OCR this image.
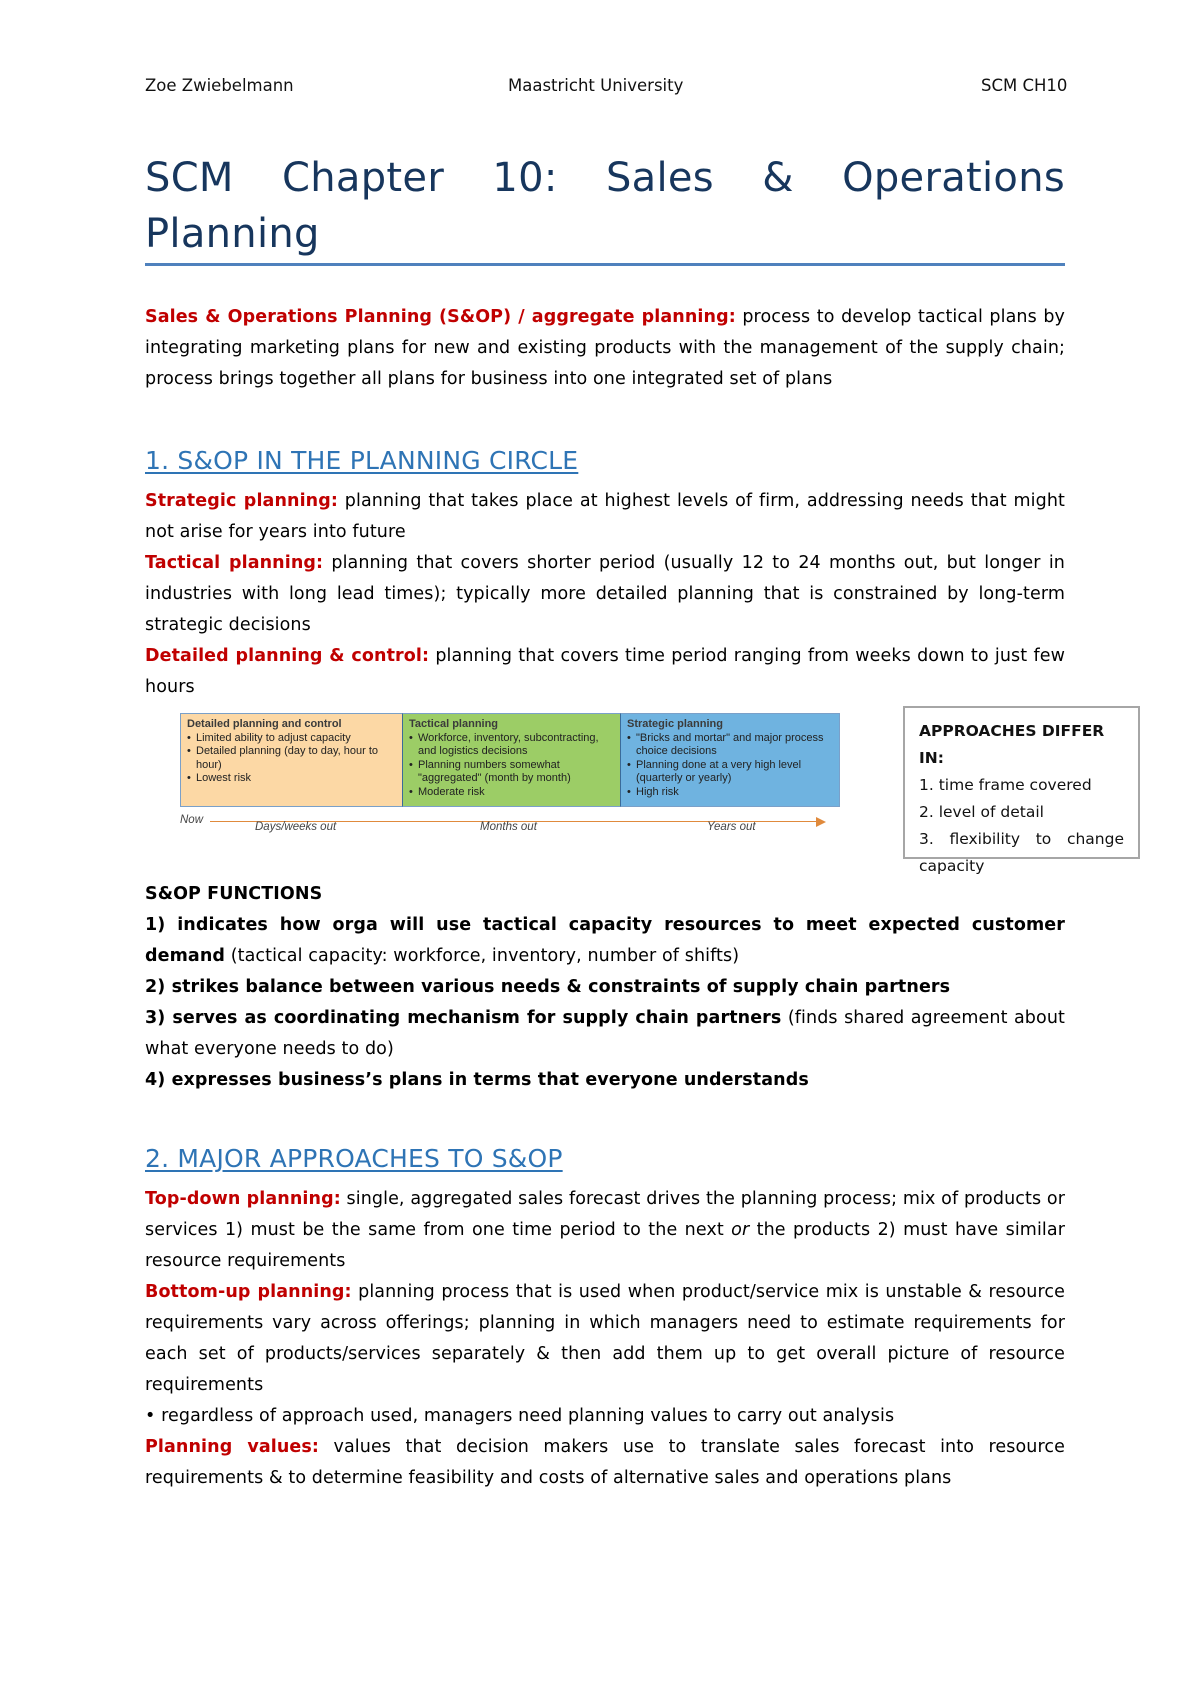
Zoe Zwiebelmann	Maastricht University	SCM CH10
SCM Chapter 10: Sales & Operations
Planning

Sales & Operations Planning (S&OP) / aggregate planning: process to develop tactical plans by integrating marketing plans for new and existing products with the management of the supply chain; process brings together all plans for business into one integrated set of plans

1. S&OP IN THE PLANNING CIRCLE

Strategic planning: planning that takes place at highest levels of firm, addressing needs that might not arise for years into future

Tactical planning: planning that covers shorter period (usually 12 to 24 months out, but longer in industries with long lead times); typically more detailed planning that is constrained by long-term strategic decisions

Detailed planning & control: planning that covers time period ranging from weeks down to just few hours

Detailed planning and control
• Limited ability to adjust capacity
• Detailed planning (day to day, hour to hour)
• Lowest risk
Tactical planning
• Workforce, inventory, subcontracting, and logistics decisions
• Planning numbers somewhat "aggregated" (month by month)
• Moderate risk
Strategic planning
• "Bricks and mortar" and major process choice decisions
• Planning done at a very high level (quarterly or yearly)
• High risk
Now
Days/weeks out	Months out	Years out
APPROACHES DIFFER IN:
1. time frame covered
2. level of detail
3. flexibility to change capacity

S&OP FUNCTIONS

1) indicates how orga will use tactical capacity resources to meet expected customer demand (tactical capacity: workforce, inventory, number of shifts)

2) strikes balance between various needs & constraints of supply chain partners

3) serves as coordinating mechanism for supply chain partners (finds shared agreement about what everyone needs to do)

4) expresses business’s plans in terms that everyone understands

2. MAJOR APPROACHES TO S&OP

Top-down planning: single, aggregated sales forecast drives the planning process; mix of products or services 1) must be the same from one time period to the next or the products 2) must have similar resource requirements

Bottom-up planning: planning process that is used when product/service mix is unstable & resource requirements vary across offerings; planning in which managers need to estimate requirements for each set of products/services separately & then add them up to get overall picture of resource requirements

• regardless of approach used, managers need planning values to carry out analysis

Planning values: values that decision makers use to translate sales forecast into resource requirements & to determine feasibility and costs of alternative sales and operations plans
